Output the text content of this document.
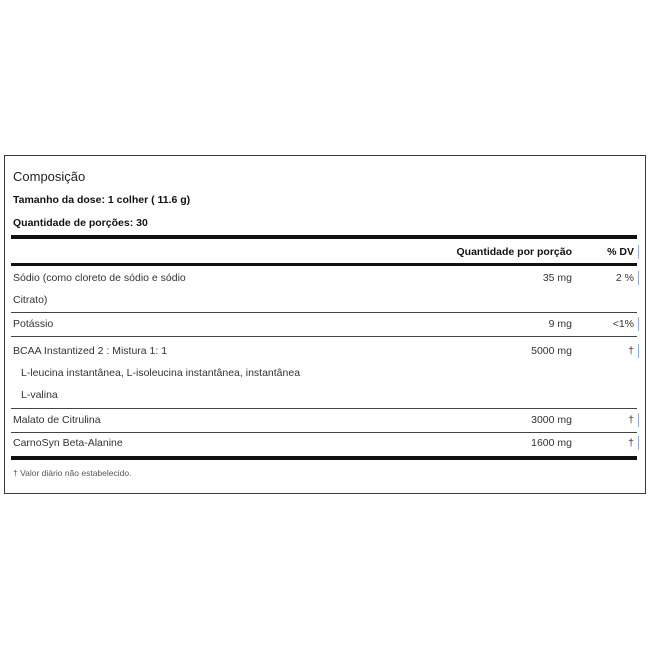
Composição
Tamanho da dose: 1 colher ( 11.6 g)
Quantidade de porções: 30
Quantidade por porção	% DV
Sódio (como cloreto de sódio e sódio
Citrato)
35 mg	2 %
Potássio	9 mg	<1%
BCAA Instantized 2 : Mistura 1: 1	5000 mg	†
L-leucina instantânea, L-isoleucina instantânea, instantânea
L-valina
Malato de Citrulina	3000 mg	†
CarnoSyn Beta-Alanine	1600 mg	†
† Valor diário não estabelecido.
